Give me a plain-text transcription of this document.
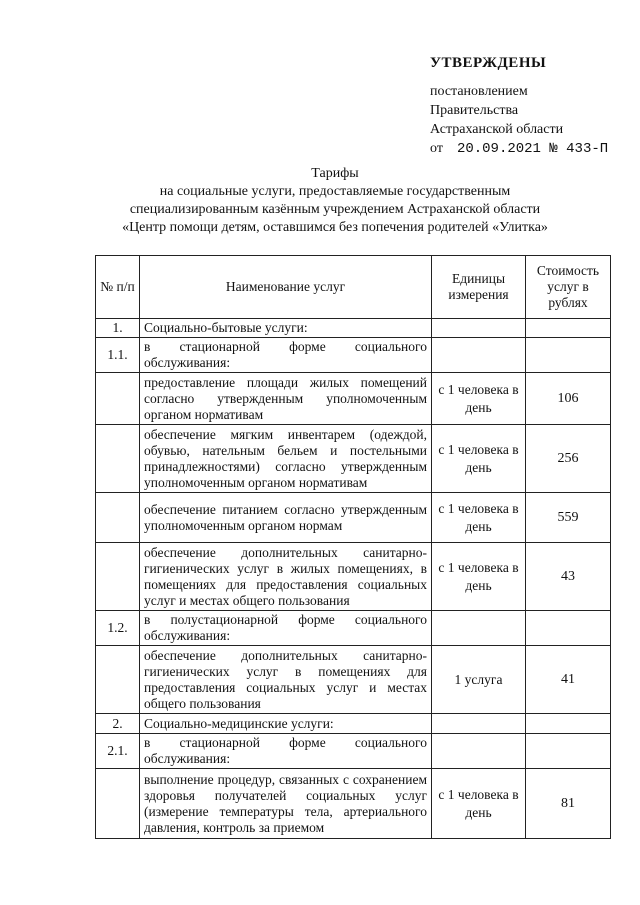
УТВЕРЖДЕНЫ
постановлением
Правительства
Астраханской области
от 20.09.2021 № 433-П
Тарифы
на социальные услуги, предоставляемые государственным
специализированным казённым учреждением Астраханской области
«Центр помощи детям, оставшимся без попечения родителей «Улитка»
№ п/п	Наименование услуг	Единицы измерения	Стоимость услуг в рублях
1.	Социально-бытовые услуги:		
1.1.	в стационарной форме социального обслуживания:		
	предоставление площади жилых помещений согласно утвержденным уполномоченным органом нормативам	с 1 человека в день	106
	обеспечение мягким инвентарем (одеждой, обувью, нательным бельем и постельными принадлежностями) согласно утвержденным уполномоченным органом нормативам	с 1 человека в день	256
	обеспечение питанием согласно утвержденным уполномоченным органом нормам	с 1 человека в день	559
	обеспечение дополнительных санитарно-гигиенических услуг в жилых помещениях, в помещениях для предоставления социальных услуг и местах общего пользования	с 1 человека в день	43
1.2.	в полустационарной форме социального обслуживания:		
	обеспечение дополнительных санитарно-гигиенических услуг в помещениях для предоставления социальных услуг и местах общего пользования	1 услуга	41
2.	Социально-медицинские услуги:		
2.1.	в стационарной форме социального обслуживания:		
	выполнение процедур, связанных с сохранением здоровья получателей социальных услуг (измерение температуры тела, артериального давления, контроль за приемом	с 1 человека в день	81
